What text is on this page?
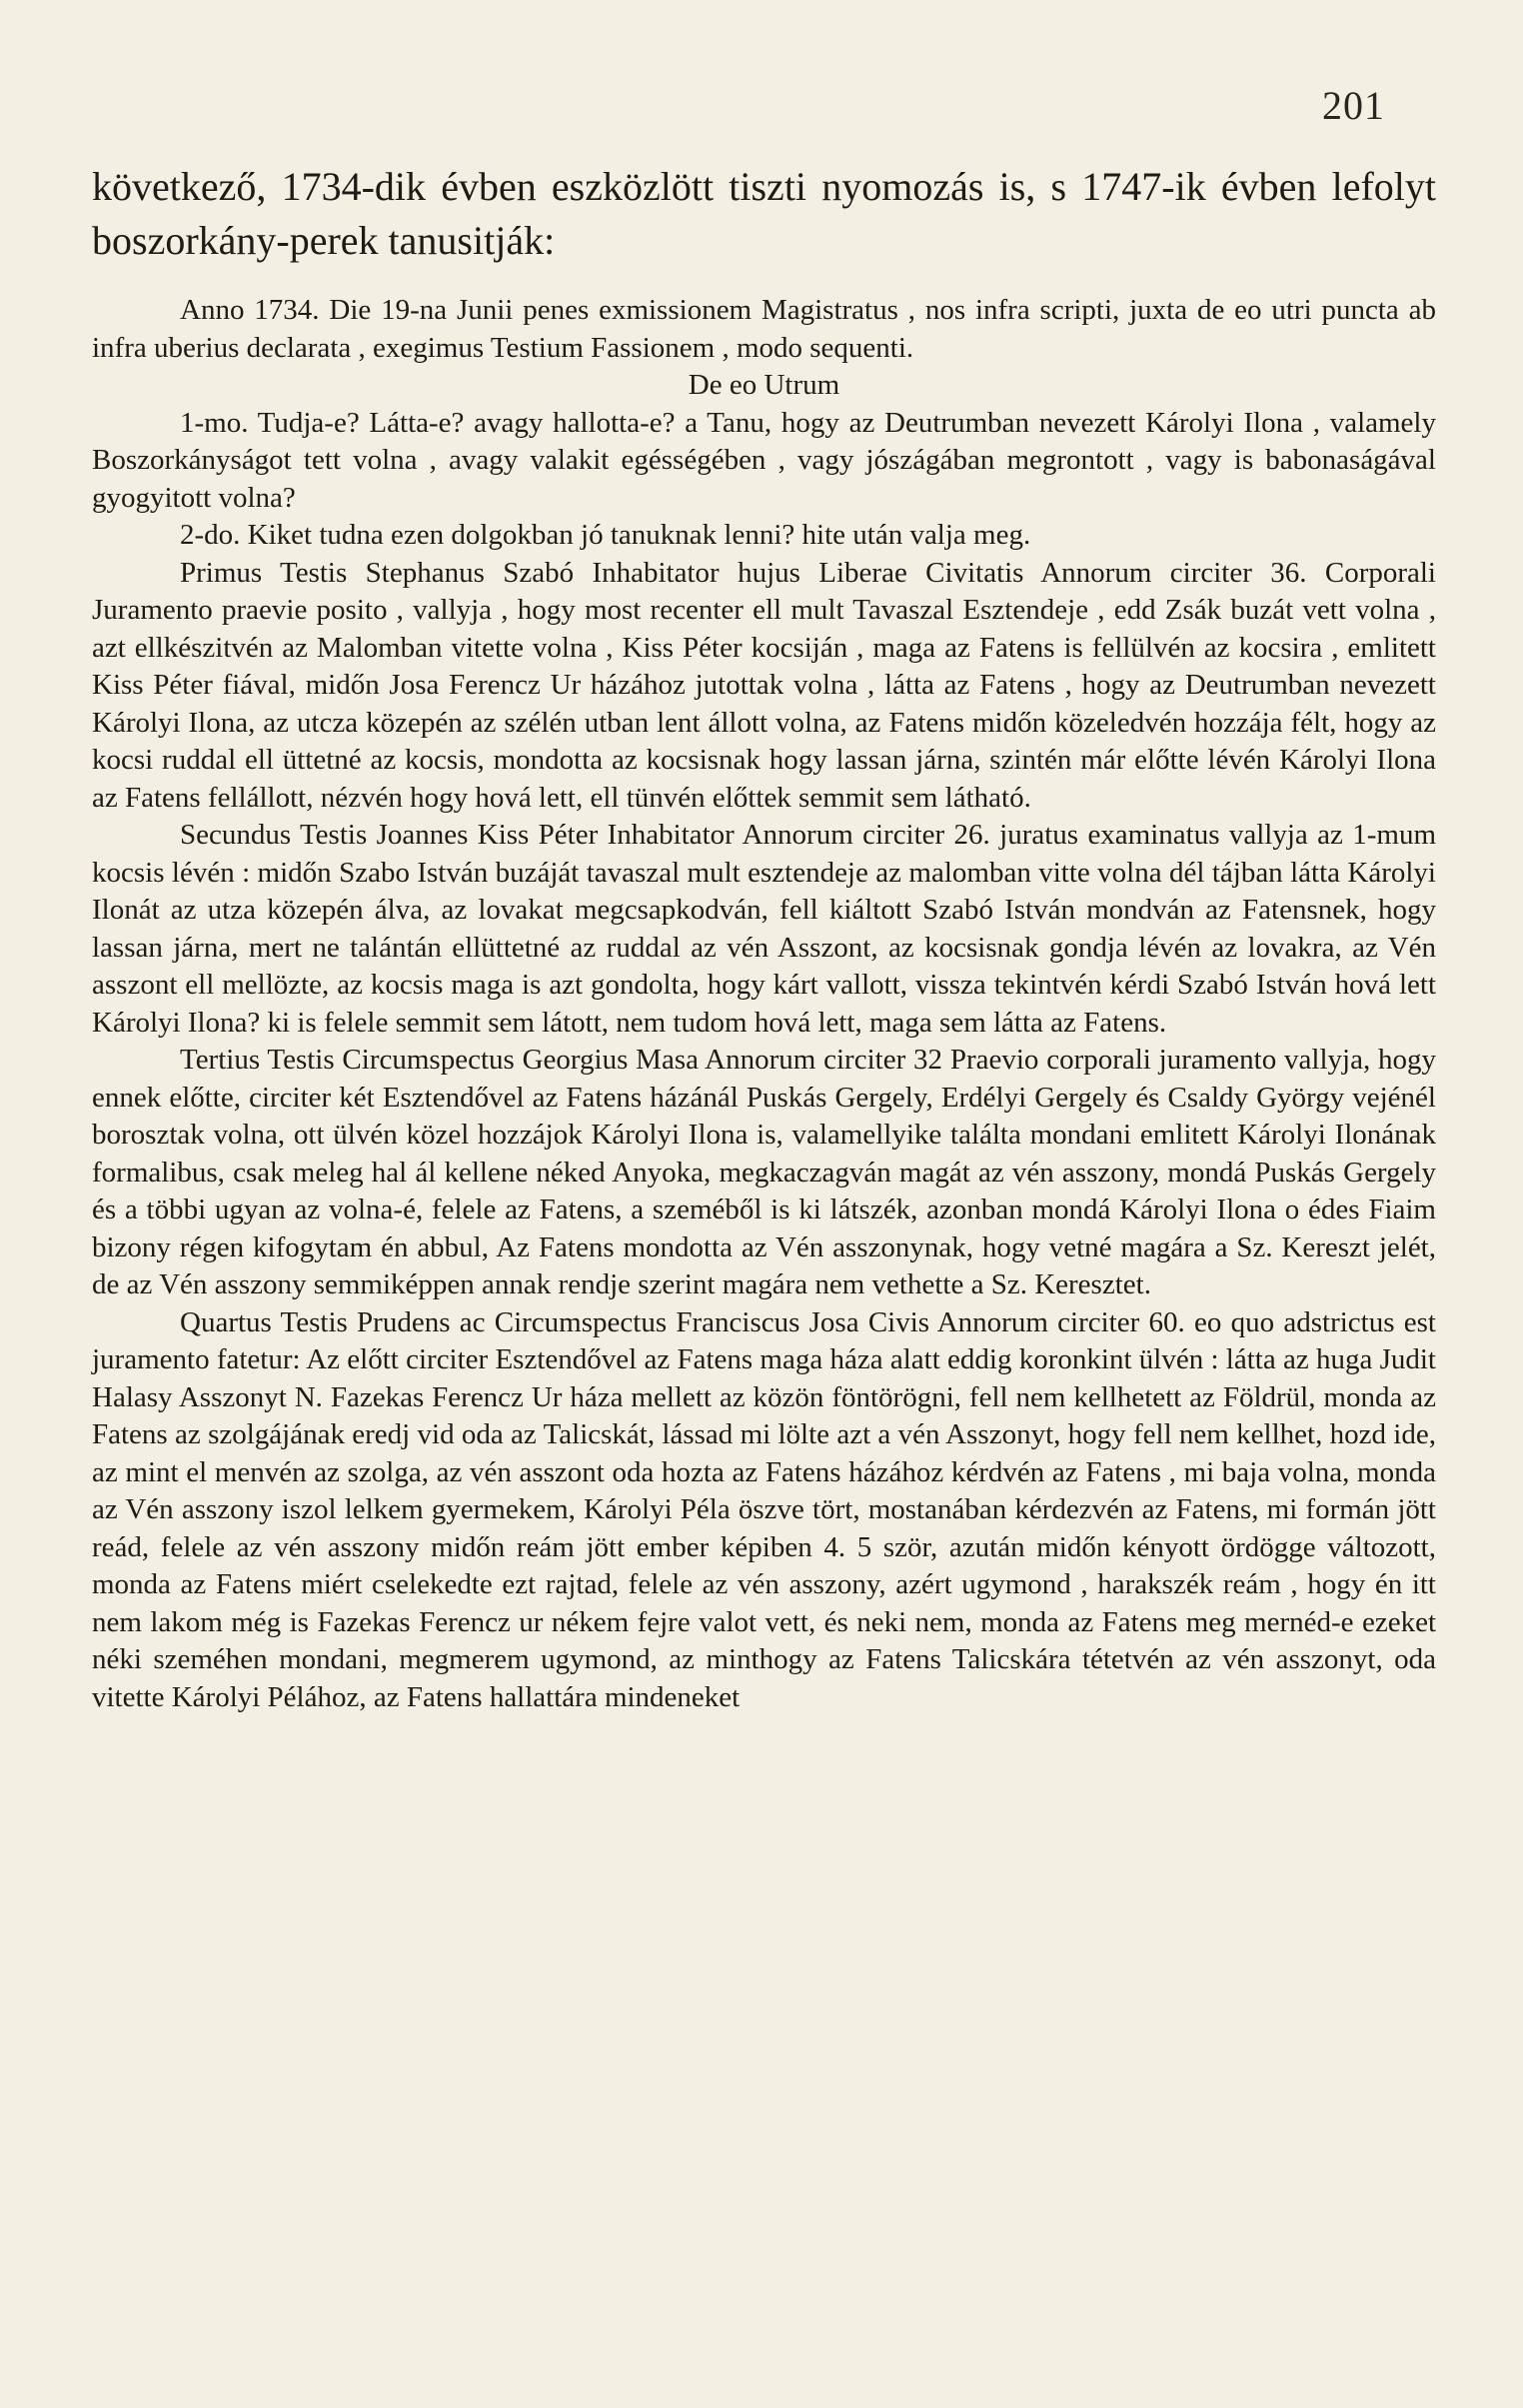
201

következő, 1734-dik évben eszközlött tiszti nyomozás is, s 1747-ik évben lefolyt boszorkány-perek tanusitják:

Anno 1734. Die 19-na Junii penes exmissionem Magistratus , nos infra scripti, juxta de eo utri puncta ab infra uberius declarata , exegimus Testium Fassionem , modo sequenti.

De eo Utrum

1-mo. Tudja-e? Látta-e? avagy hallotta-e? a Tanu, hogy az Deutrumban nevezett Károlyi Ilona , valamely Boszorkányságot tett volna , avagy valakit egésségében , vagy jószágában megrontott , vagy is babonaságával gyogyitott volna?

2-do. Kiket tudna ezen dolgokban jó tanuknak lenni? hite után valja meg.

Primus Testis Stephanus Szabó Inhabitator hujus Liberae Civitatis Annorum circiter 36. Corporali Juramento praevie posito , vallyja , hogy most recenter ell mult Tavaszal Esztendeje , edd Zsák buzát vett volna , azt ellkészitvén az Malomban vitette volna , Kiss Péter kocsiján , maga az Fatens is fellülvén az kocsira , emlitett Kiss Péter fiával, midőn Josa Ferencz Ur házához jutottak volna , látta az Fatens , hogy az Deutrumban nevezett Károlyi Ilona, az utcza közepén az szélén utban lent állott volna, az Fatens midőn közeledvén hozzája félt, hogy az kocsi ruddal ell üttetné az kocsis, mondotta az kocsisnak hogy lassan járna, szintén már előtte lévén Károlyi Ilona az Fatens fellállott, nézvén hogy hová lett, ell tünvén előttek semmit sem látható.

Secundus Testis Joannes Kiss Péter Inhabitator Annorum circiter 26. juratus examinatus vallyja az 1-mum kocsis lévén : midőn Szabo István buzáját tavaszal mult esztendeje az malomban vitte volna dél tájban látta Károlyi Ilonát az utza közepén álva, az lovakat megcsapkodván, fell kiáltott Szabó István mondván az Fatensnek, hogy lassan járna, mert ne talántán ellüttetné az ruddal az vén Asszont, az kocsisnak gondja lévén az lovakra, az Vén asszont ell mellözte, az kocsis maga is azt gondolta, hogy kárt vallott, vissza tekintvén kérdi Szabó István hová lett Károlyi Ilona? ki is felele semmit sem látott, nem tudom hová lett, maga sem látta az Fatens.

Tertius Testis Circumspectus Georgius Masa Annorum circiter 32 Praevio corporali juramento vallyja, hogy ennek előtte, circiter két Esztendővel az Fatens házánál Puskás Gergely, Erdélyi Gergely és Csaldy György vejénél borosztak volna, ott ülvén közel hozzájok Károlyi Ilona is, valamellyike találta mondani emlitett Károlyi Ilonának formalibus, csak meleg hal ál kellene néked Anyoka, megkaczagván magát az vén asszony, mondá Puskás Gergely és a többi ugyan az volna-é, felele az Fatens, a szeméből is ki látszék, azonban mondá Károlyi Ilona o édes Fiaim bizony régen kifogytam én abbul, Az Fatens mondotta az Vén asszonynak, hogy vetné magára a Sz. Kereszt jelét, de az Vén asszony semmiképpen annak rendje szerint magára nem vethette a Sz. Keresztet.

Quartus Testis Prudens ac Circumspectus Franciscus Josa Civis Annorum circiter 60. eo quo adstrictus est juramento fatetur: Az előtt circiter Esztendővel az Fatens maga háza alatt eddig koronkint ülvén : látta az huga Judit Halasy Asszonyt N. Fazekas Ferencz Ur háza mellett az közön föntörögni, fell nem kellhetett az Földrül, monda az Fatens az szolgájának eredj vid oda az Talicskát, lássad mi lölte azt a vén Asszonyt, hogy fell nem kellhet, hozd ide, az mint el menvén az szolga, az vén asszont oda hozta az Fatens házához kérdvén az Fatens , mi baja volna, monda az Vén asszony iszol lelkem gyermekem, Károlyi Péla öszve tört, mostanában kérdezvén az Fatens, mi formán jött reád, felele az vén asszony midőn reám jött ember képiben 4. 5 ször, azután midőn kényott ördögge változott, monda az Fatens miért cselekedte ezt rajtad, felele az vén asszony, azért ugymond , harakszék reám , hogy én itt nem lakom még is Fazekas Ferencz ur nékem fejre valot vett, és neki nem, monda az Fatens meg mernéd-e ezeket néki szeméhen mondani, megmerem ugymond, az minthogy az Fatens Talicskára tétetvén az vén asszonyt, oda vitette Károlyi Pélához, az Fatens hallattára mindeneket
